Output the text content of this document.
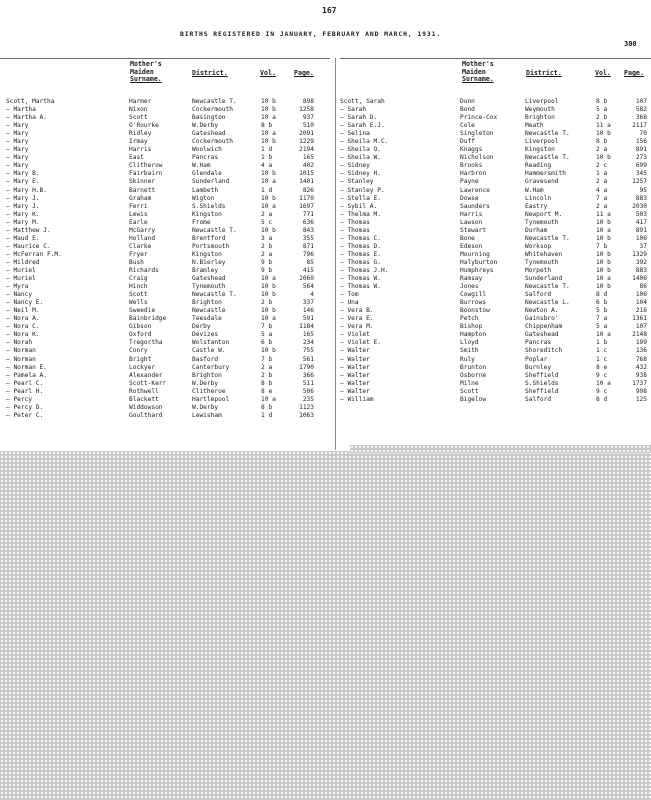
167
BIRTHS REGISTERED IN JANUARY, FEBRUARY AND MARCH, 1931.
300
Mother's
Maiden
Surname.
District.	Vol.	Page.
Mother's
Maiden
Surname.
District.	Vol. Page.
Scott, Martha	Harmer	Newcastle T.	10 b	898
— Martha	Nixon	Cockermouth	10 b	1258
— Martha A.	Scott	Basington	10 a	937
— Mary	O'Rourke	W.Derby	8 b	510
— Mary	Ridley	Gateshead	10 a	2091
— Mary	Irmay	Cockermouth	10 b	1229
— Mary	Harris	Woolwich	1 d	2194
— Mary	East	Pancras	1 b	165
— Mary	Clitherow	W.Ham	4 a	402
— Mary B.	Fairbairn	Glendale	10 b	1015
— Mary E.	Skinner	Sunderland	10 a	1401
— Mary H.B.	Barnett	Lambeth	1 d	826
— Mary J.	Graham	Wigton	10 b	1170
— Mary J.	Ferri	S.Shields	10 a	1697
— Mary K.	Lewis	Kingston	2 a	771
— Mary M.	Earle	Frome	5 c	636
— Matthew J.	McGarry	Newcastle T.	10 b	843
— Maud E.	Holland	Brentford	3 a	355
— Maurice C.	Clarke	Portsmouth	2 b	871
— McFerran F.M.	Fryer	Kingston	2 a	796
— Mildred	Bush	N.Bierley	9 b	85
— Muriel	Richards	Bramley	9 b	415
— Muriel	Craig	Gateshead	10 a	2060
— Myra	Hinch	Tynemouth	10 b	564
— Nancy	Scott	Newcastle T.	10 b	4
— Nancy E.	Wells	Brighton	2 b	337
— Neil M.	Sweedie	Newcastle	10 b	146
— Nora A.	Bainbridge	Teesdale	10 a	591
— Nora C.	Gibson	Derby	7 b	1184
— Nora K.	Oxford	Devizes	5 a	165
— Norah	Tregortha	Wolstanton	6 b	234
— Norman	Conry	Castle W.	10 b	755
— Norman	Bright	Basford	7 b	561
— Norman E.	Lockyer	Canterbury	2 a	1790
— Pamela A.	Alexander	Brighton	2 b	366
— Pearl C.	Scott-Kerr	W.Derby	8 b	511
— Pearl H.	Rothwell	Clitheroe	8 e	506
— Percy	Blackett	Hartlepool	10 a	235
— Percy D.	Widdowson	W.Derby	8 b	1123
— Peter C.	Goulthard	Lewisham	1 d	1063
Scott, Sarah	Dunn	Liverpool	8 b	107
— Sarah	Bond	Weymouth	5 a	582
— Sarah D.	Prince-Cox	Brighton	2 b	368
— Sarah E.J.	Cole	Meath	11 a	2117
— Selina	Singleton	Newcastle T.	10 b	70
— Sheila M.C.	Duff	Liverpool	8 b	156
— Sheila O.	Knaggs	Kingston	2 a	891
— Sheila W.	Nicholson	Newcastle T.	10 b	273
— Sidney	Brooks	Reading	2 c	699
— Sidney H.	Harbron	Hammersmith	1 a	345
— Stanley	Payne	Gravesend	2 a	1257
— Stanley P.	Lawrence	W.Ham	4 a	95
— Stella E.	Dowse	Lincoln	7 a	883
— Sybil A.	Saunders	Eastry	2 a	2030
— Thelma M.	Harris	Newport M.	11 a	503
— Thomas	Lawson	Tynemouth	10 b	417
— Thomas	Stewart	Durham	10 a	891
— Thomas C.	Bone	Newcastle T.	10 b	106
— Thomas D.	Edeson	Worksop	7 b	37
— Thomas E.	Mourning	Whitehaven	10 b	1329
— Thomas G.	Halyburton	Tynemouth	10 b	392
— Thomas J.H.	Humphreys	Morpeth	10 b	883
— Thomas W.	Ramsay	Sunderland	10 a	1406
— Thomas W.	Jones	Newcastle T.	10 b	86
— Tom	Cowgill	Salford	8 d	106
— Una	Burrows	Newcastle L.	6 b	104
— Vera B.	Boonstow	Newton A.	5 b	216
— Vera E.	Petch	Gainsbro'	7 a	1361
— Vera M.	Bishop	Chippenham	5 a	107
— Violet	Hampton	Gateshead	10 a	2148
— Violet E.	Lloyd	Pancras	1 b	199
— Walter	Smith	Shoreditch	1 c	136
— Walter	Ruly	Poplar	1 c	768
— Walter	Brunton	Burnley	8 e	432
— Walter	Osborne	Sheffield	9 c	938
— Walter	Milne	S.Shields	10 a	1737
— Walter	Scott	Sheffield	9 c	998
— William	Bigelow	Salford	8 d	125
